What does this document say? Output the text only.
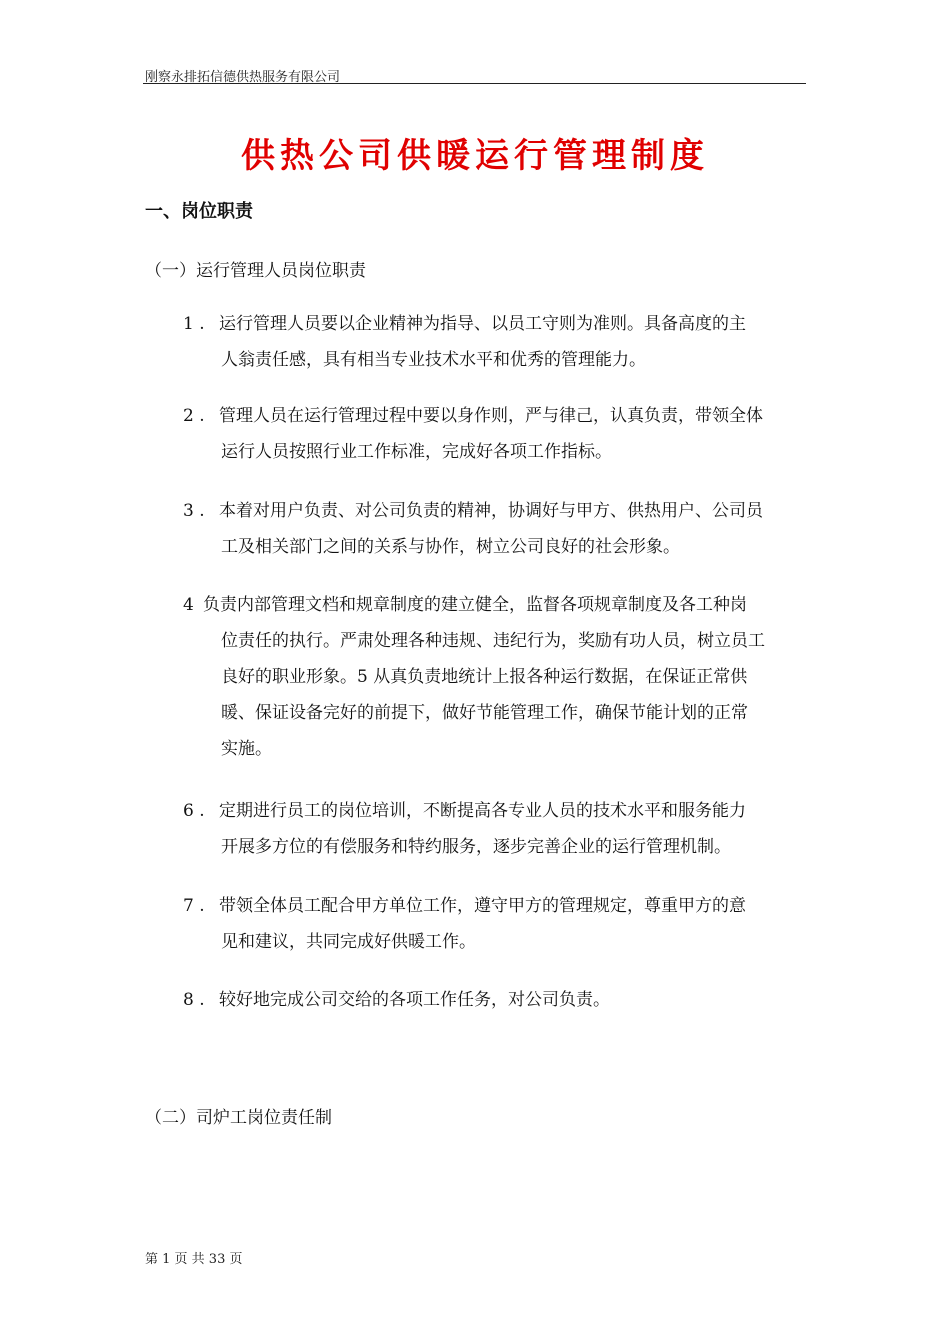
刚察永排拓信德供热服务有限公司
供热公司供暖运行管理制度
一、岗位职责
（一）运行管理人员岗位职责
1 . 运行管理人员要以企业精神为指导、以员工守则为准则。具备高度的主
人翁责任感，具有相当专业技术水平和优秀的管理能力。
2 . 管理人员在运行管理过程中要以身作则，严与律己，认真负责，带领全体
运行人员按照行业工作标准，完成好各项工作指标。
3 . 本着对用户负责、对公司负责的精神，协调好与甲方、供热用户、公司员
工及相关部门之间的关系与协作，树立公司良好的社会形象。
4 负责内部管理文档和规章制度的建立健全，监督各项规章制度及各工种岗
位责任的执行。严肃处理各种违规、违纪行为，奖励有功人员，树立员工
良好的职业形象。5 从真负责地统计上报各种运行数据，在保证正常供
暖、保证设备完好的前提下，做好节能管理工作，确保节能计划的正常
实施。
6 . 定期进行员工的岗位培训，不断提高各专业人员的技术水平和服务能力
开展多方位的有偿服务和特约服务，逐步完善企业的运行管理机制。
7 . 带领全体员工配合甲方单位工作，遵守甲方的管理规定，尊重甲方的意
见和建议，共同完成好供暖工作。
8 . 较好地完成公司交给的各项工作任务，对公司负责。
（二）司炉工岗位责任制
第 1 页 共 33 页
